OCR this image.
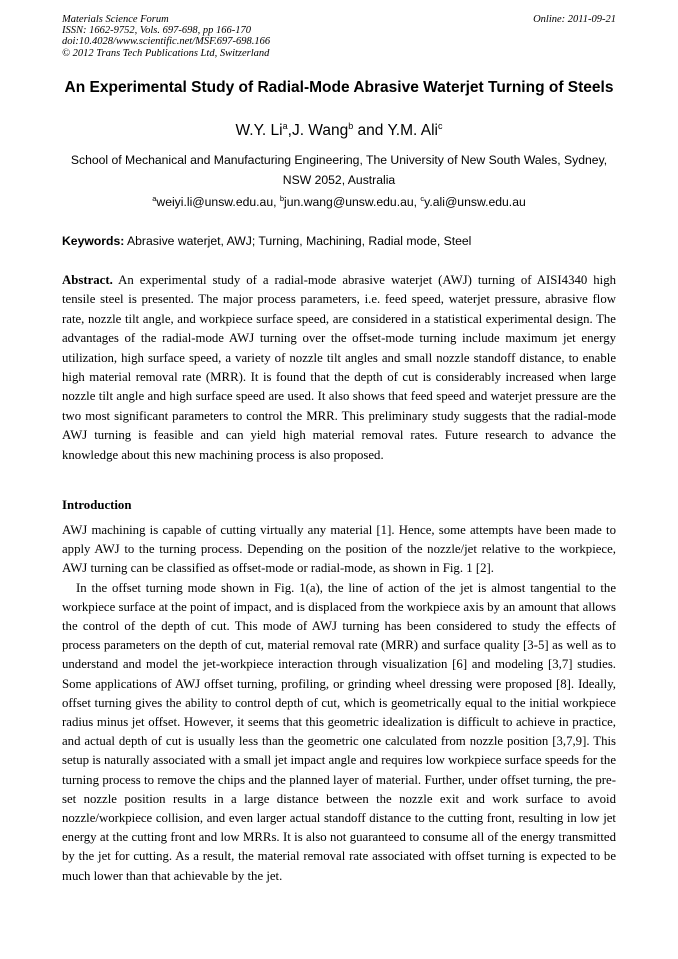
Materials Science Forum
ISSN: 1662-9752, Vols. 697-698, pp 166-170
doi:10.4028/www.scientific.net/MSF.697-698.166
© 2012 Trans Tech Publications Ltd, Switzerland
Online: 2011-09-21
An Experimental Study of Radial-Mode Abrasive Waterjet Turning of Steels
W.Y. Li$^a$,J. Wang$^b$ and Y.M. Ali$^c$
School of Mechanical and Manufacturing Engineering, The University of New South Wales, Sydney, NSW 2052, Australia
$^a$weiyi.li@unsw.edu.au, $^b$jun.wang@unsw.edu.au, $^c$y.ali@unsw.edu.au
Keywords: Abrasive waterjet, AWJ; Turning, Machining, Radial mode, Steel
Abstract. An experimental study of a radial-mode abrasive waterjet (AWJ) turning of AISI4340 high tensile steel is presented. The major process parameters, i.e. feed speed, waterjet pressure, abrasive flow rate, nozzle tilt angle, and workpiece surface speed, are considered in a statistical experimental design. The advantages of the radial-mode AWJ turning over the offset-mode turning include maximum jet energy utilization, high surface speed, a variety of nozzle tilt angles and small nozzle standoff distance, to enable high material removal rate (MRR). It is found that the depth of cut is considerably increased when large nozzle tilt angle and high surface speed are used. It also shows that feed speed and waterjet pressure are the two most significant parameters to control the MRR. This preliminary study suggests that the radial-mode AWJ turning is feasible and can yield high material removal rates. Future research to advance the knowledge about this new machining process is also proposed.
Introduction

AWJ machining is capable of cutting virtually any material [1]. Hence, some attempts have been made to apply AWJ to the turning process. Depending on the position of the nozzle/jet relative to the workpiece, AWJ turning can be classified as offset-mode or radial-mode, as shown in Fig. 1 [2].

In the offset turning mode shown in Fig. 1(a), the line of action of the jet is almost tangential to the workpiece surface at the point of impact, and is displaced from the workpiece axis by an amount that allows the control of the depth of cut. This mode of AWJ turning has been considered to study the effects of process parameters on the depth of cut, material removal rate (MRR) and surface quality [3-5] as well as to understand and model the jet-workpiece interaction through visualization [6] and modeling [3,7] studies. Some applications of AWJ offset turning, profiling, or grinding wheel dressing were proposed [8]. Ideally, offset turning gives the ability to control depth of cut, which is geometrically equal to the initial workpiece radius minus jet offset. However, it seems that this geometric idealization is difficult to achieve in practice, and actual depth of cut is usually less than the geometric one calculated from nozzle position [3,7,9]. This setup is naturally associated with a small jet impact angle and requires low workpiece surface speeds for the turning process to remove the chips and the planned layer of material. Further, under offset turning, the pre-set nozzle position results in a large distance between the nozzle exit and work surface to avoid nozzle/workpiece collision, and even larger actual standoff distance to the cutting front, resulting in low jet energy at the cutting front and low MRRs. It is also not guaranteed to consume all of the energy transmitted by the jet for cutting. As a result, the material removal rate associated with offset turning is expected to be much lower than that achievable by the jet.
